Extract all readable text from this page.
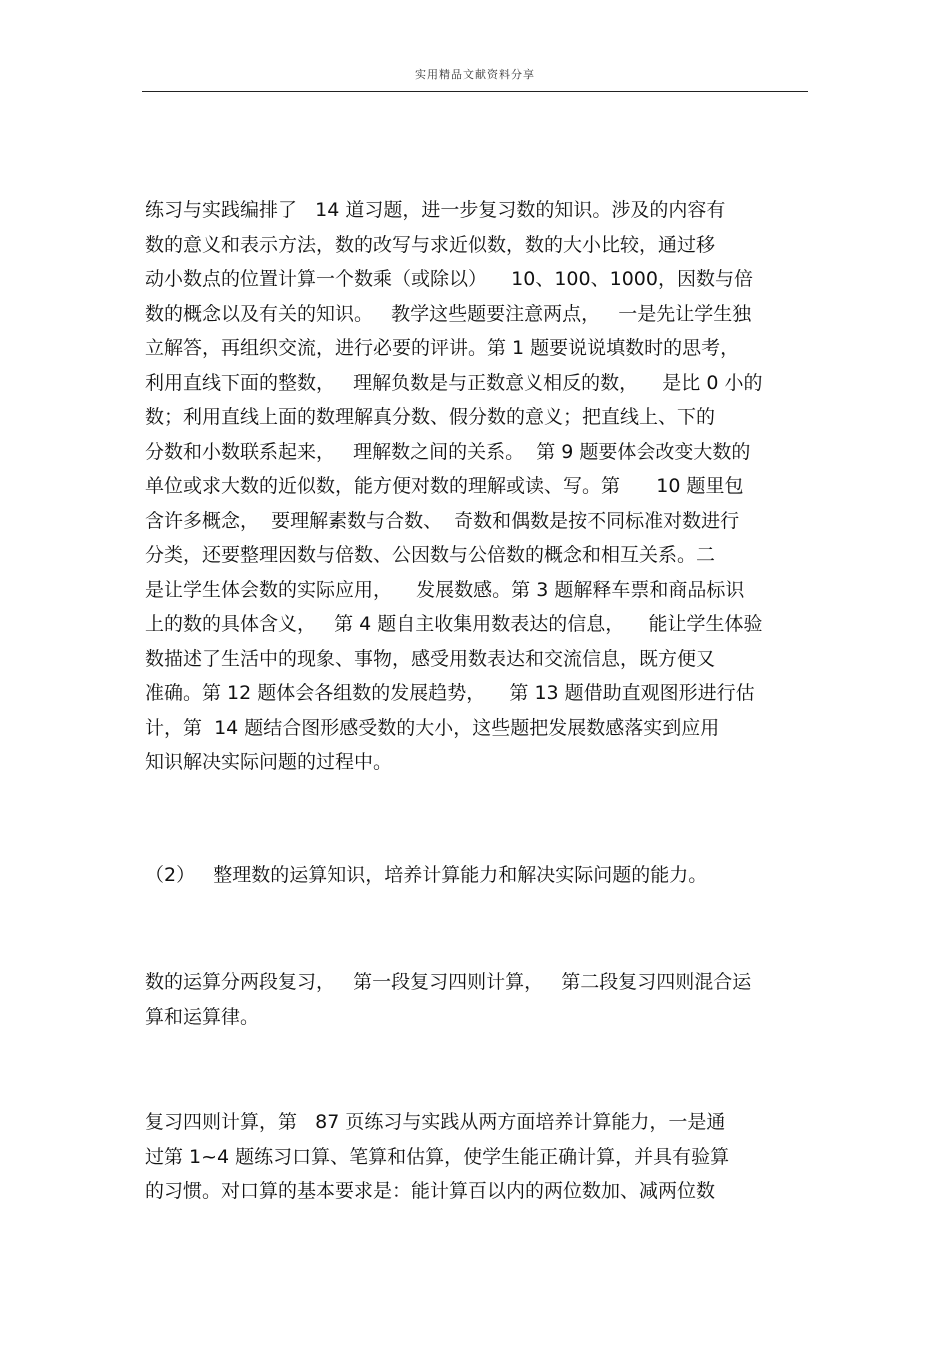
实用精品文献资料分享
练习与实践编排了   14 道习题，进一步复习数的知识。涉及的内容有
数的意义和表示方法，数的改写与求近似数，数的大小比较，通过移
动小数点的位置计算一个数乘（或除以）    10、100、1000，因数与倍
数的概念以及有关的知识。   教学这些题要注意两点，   一是先让学生独
立解答，再组织交流，进行必要的评讲。第 1 题要说说填数时的思考，
利用直线下面的整数，   理解负数是与正数意义相反的数，    是比 0 小的
数；利用直线上面的数理解真分数、假分数的意义；把直线上、下的
分数和小数联系起来，   理解数之间的关系。  第 9 题要体会改变大数的
单位或求大数的近似数，能方便对数的理解或读、写。第      10 题里包
含许多概念，  要理解素数与合数、  奇数和偶数是按不同标准对数进行
分类，还要整理因数与倍数、公因数与公倍数的概念和相互关系。二
是让学生体会数的实际应用，    发展数感。第 3 题解释车票和商品标识
上的数的具体含义，   第 4 题自主收集用数表达的信息，    能让学生体验
数描述了生活中的现象、事物，感受用数表达和交流信息，既方便又
准确。第 12 题体会各组数的发展趋势，    第 13 题借助直观图形进行估
计，第  14 题结合图形感受数的大小，这些题把发展数感落实到应用
知识解决实际问题的过程中。
（2）   整理数的运算知识，培养计算能力和解决实际问题的能力。
数的运算分两段复习，   第一段复习四则计算，   第二段复习四则混合运
算和运算律。
复习四则计算，第   87 页练习与实践从两方面培养计算能力，一是通
过第 1~4 题练习口算、笔算和估算，使学生能正确计算，并具有验算
的习惯。对口算的基本要求是：能计算百以内的两位数加、减两位数
